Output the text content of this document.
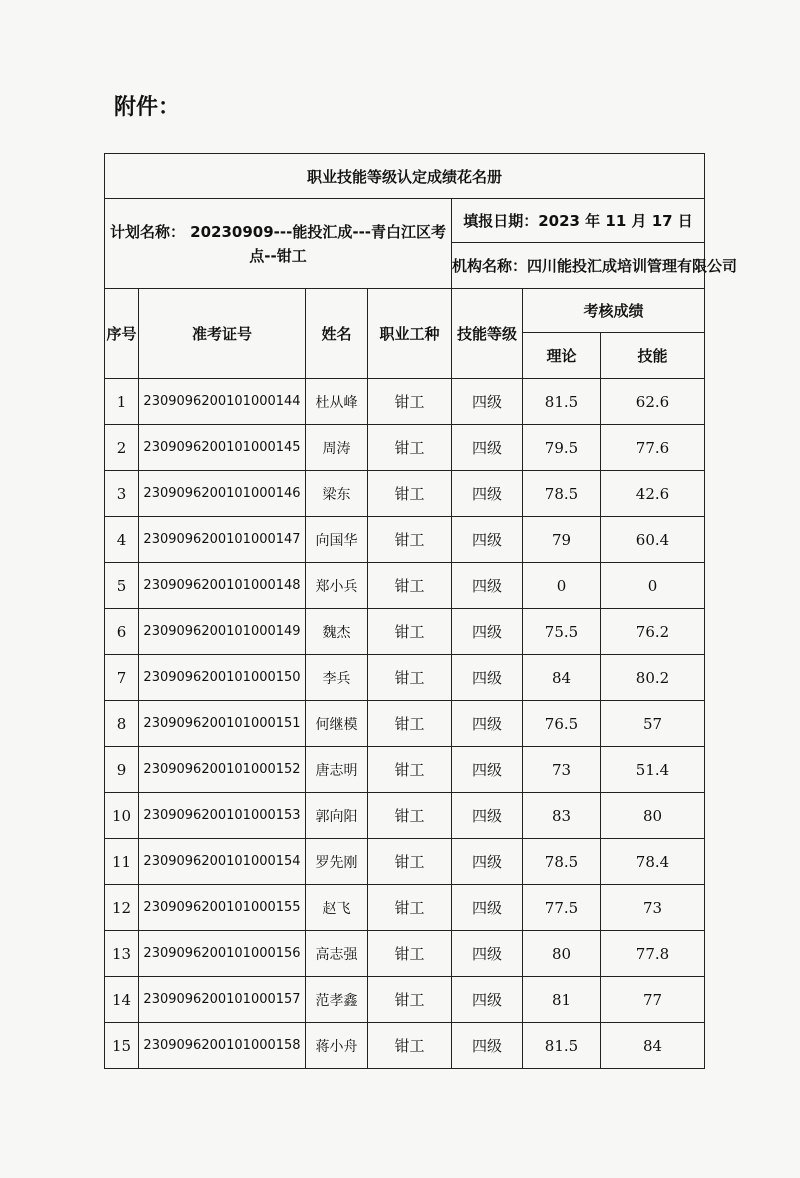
附件：
职业技能等级认定成绩花名册						
计划名称： 20230909---能投汇成---青白江区考点--钳工				填报日期：2023 年 11 月 17 日		
				机构名称：四川能投汇成培训管理有限公司		
序号	准考证号	姓名	职业工种	技能等级	考核成绩	
					理论	技能
1	2309096200101000144	杜从峰	钳工	四级	81.5	62.6
2	2309096200101000145	周涛	钳工	四级	79.5	77.6
3	2309096200101000146	梁东	钳工	四级	78.5	42.6
4	2309096200101000147	向国华	钳工	四级	79	60.4
5	2309096200101000148	郑小兵	钳工	四级	0	0
6	2309096200101000149	魏杰	钳工	四级	75.5	76.2
7	2309096200101000150	李兵	钳工	四级	84	80.2
8	2309096200101000151	何继模	钳工	四级	76.5	57
9	2309096200101000152	唐志明	钳工	四级	73	51.4
10	2309096200101000153	郭向阳	钳工	四级	83	80
11	2309096200101000154	罗先刚	钳工	四级	78.5	78.4
12	2309096200101000155	赵飞	钳工	四级	77.5	73
13	2309096200101000156	高志强	钳工	四级	80	77.8
14	2309096200101000157	范孝鑫	钳工	四级	81	77
15	2309096200101000158	蒋小舟	钳工	四级	81.5	84
